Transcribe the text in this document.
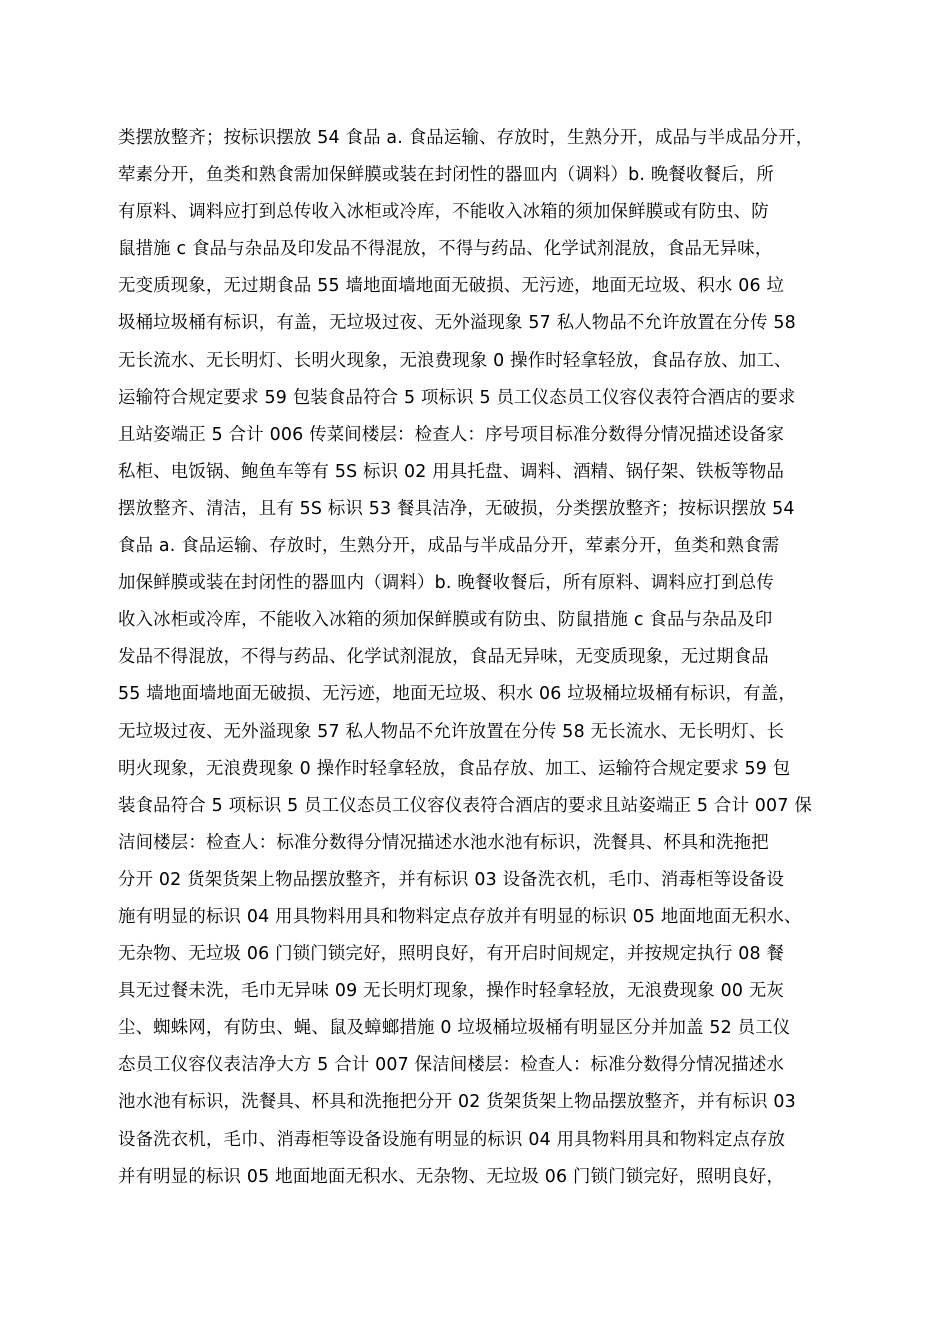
类摆放整齐；按标识摆放 54 食品 a. 食品运输、存放时，生熟分开，成品与半成品分开，
荤素分开，鱼类和熟食需加保鲜膜或装在封闭性的器皿内（调料）b. 晚餐收餐后，所
有原料、调料应打到总传收入冰柜或冷库，不能收入冰箱的须加保鲜膜或有防虫、防
鼠措施 c 食品与杂品及印发品不得混放，不得与药品、化学试剂混放，食品无异味，
无变质现象，无过期食品 55 墙地面墙地面无破损、无污迹，地面无垃圾、积水 06 垃
圾桶垃圾桶有标识，有盖，无垃圾过夜、无外溢现象 57 私人物品不允许放置在分传 58
无长流水、无长明灯、长明火现象，无浪费现象 0 操作时轻拿轻放，食品存放、加工、
运输符合规定要求 59 包装食品符合 5 项标识 5 员工仪态员工仪容仪表符合酒店的要求
且站姿端正 5 合计 006 传菜间楼层：检查人：序号项目标准分数得分情况描述设备家
私柜、电饭锅、鲍鱼车等有 5S 标识 02 用具托盘、调料、酒精、锅仔架、铁板等物品
摆放整齐、清洁，且有 5S 标识 53 餐具洁净，无破损，分类摆放整齐；按标识摆放 54
食品 a. 食品运输、存放时，生熟分开，成品与半成品分开，荤素分开，鱼类和熟食需
加保鲜膜或装在封闭性的器皿内（调料）b. 晚餐收餐后，所有原料、调料应打到总传
收入冰柜或冷库，不能收入冰箱的须加保鲜膜或有防虫、防鼠措施 c 食品与杂品及印
发品不得混放，不得与药品、化学试剂混放，食品无异味，无变质现象，无过期食品
55 墙地面墙地面无破损、无污迹，地面无垃圾、积水 06 垃圾桶垃圾桶有标识，有盖，
无垃圾过夜、无外溢现象 57 私人物品不允许放置在分传 58 无长流水、无长明灯、长
明火现象，无浪费现象 0 操作时轻拿轻放，食品存放、加工、运输符合规定要求 59 包
装食品符合 5 项标识 5 员工仪态员工仪容仪表符合酒店的要求且站姿端正 5 合计 007 保
洁间楼层：检查人：标准分数得分情况描述水池水池有标识，洗餐具、杯具和洗拖把
分开 02 货架货架上物品摆放整齐，并有标识 03 设备洗衣机，毛巾、消毒柜等设备设
施有明显的标识 04 用具物料用具和物料定点存放并有明显的标识 05 地面地面无积水、
无杂物、无垃圾 06 门锁门锁完好，照明良好，有开启时间规定，并按规定执行 08 餐
具无过餐未洗，毛巾无异味 09 无长明灯现象，操作时轻拿轻放，无浪费现象 00 无灰
尘、蜘蛛网，有防虫、蝇、鼠及蟑螂措施 0 垃圾桶垃圾桶有明显区分并加盖 52 员工仪
态员工仪容仪表洁净大方 5 合计 007 保洁间楼层：检查人：标准分数得分情况描述水
池水池有标识，洗餐具、杯具和洗拖把分开 02 货架货架上物品摆放整齐，并有标识 03
设备洗衣机，毛巾、消毒柜等设备设施有明显的标识 04 用具物料用具和物料定点存放
并有明显的标识 05 地面地面无积水、无杂物、无垃圾 06 门锁门锁完好，照明良好，
